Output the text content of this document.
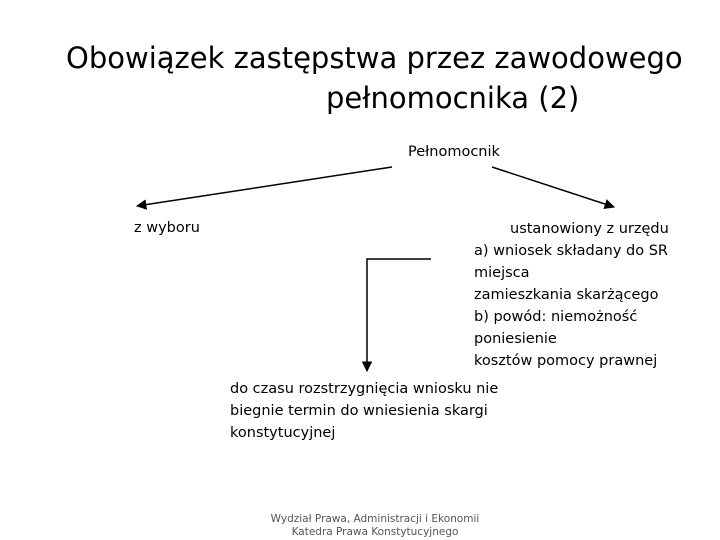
Obowiązek zastępstwa przez zawodowego
pełnomocnika (2)
Pełnomocnik
z wyboru	ustanowiony z urzędu
a) wniosek składany do SR
miejsca
zamieszkania skarżącego
b) powód: niemożność
poniesienie
kosztów pomocy prawnej
do czasu rozstrzygnięcia wniosku nie
biegnie termin do wniesienia skargi
konstytucyjnej
Wydział Prawa, Administracji i Ekonomii
Katedra Prawa Konstytucyjnego
